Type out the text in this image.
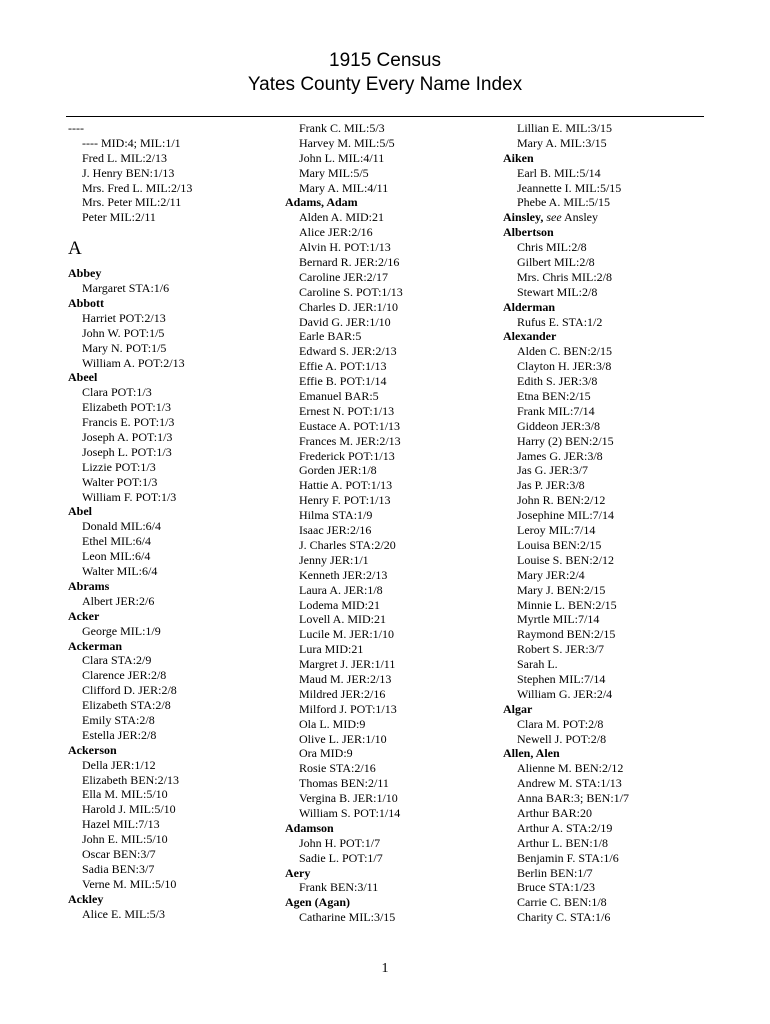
1915 Census
Yates County Every Name Index
----
---- MID:4; MIL:1/1
Fred L. MIL:2/13
J. Henry BEN:1/13
Mrs. Fred L. MIL:2/13
Mrs. Peter MIL:2/11
Peter MIL:2/11
A
Abbey
Margaret STA:1/6
Abbott
Harriet POT:2/13
John W. POT:1/5
Mary N. POT:1/5
William A. POT:2/13
Abeel
Clara POT:1/3
Elizabeth POT:1/3
Francis E. POT:1/3
Joseph A. POT:1/3
Joseph L. POT:1/3
Lizzie POT:1/3
Walter POT:1/3
William F. POT:1/3
Abel
Donald MIL:6/4
Ethel MIL:6/4
Leon MIL:6/4
Walter MIL:6/4
Abrams
Albert JER:2/6
Acker
George MIL:1/9
Ackerman
Clara STA:2/9
Clarence JER:2/8
Clifford D. JER:2/8
Elizabeth STA:2/8
Emily STA:2/8
Estella JER:2/8
Ackerson
Della JER:1/12
Elizabeth BEN:2/13
Ella M. MIL:5/10
Harold J. MIL:5/10
Hazel MIL:7/13
John E. MIL:5/10
Oscar BEN:3/7
Sadia BEN:3/7
Verne M. MIL:5/10
Ackley
Alice E. MIL:5/3
Frank C. MIL:5/3
Harvey M. MIL:5/5
John L. MIL:4/11
Mary MIL:5/5
Mary A. MIL:4/11
Adams, Adam
Alden A. MID:21
Alice JER:2/16
Alvin H. POT:1/13
Bernard R. JER:2/16
Caroline JER:2/17
Caroline S. POT:1/13
Charles D. JER:1/10
David G. JER:1/10
Earle BAR:5
Edward S. JER:2/13
Effie A. POT:1/13
Effie B. POT:1/14
Emanuel BAR:5
Ernest N. POT:1/13
Eustace A. POT:1/13
Frances M. JER:2/13
Frederick POT:1/13
Gorden JER:1/8
Hattie A. POT:1/13
Henry F. POT:1/13
Hilma STA:1/9
Isaac JER:2/16
J. Charles STA:2/20
Jenny JER:1/1
Kenneth JER:2/13
Laura A. JER:1/8
Lodema MID:21
Lovell A. MID:21
Lucile M. JER:1/10
Lura MID:21
Margret J. JER:1/11
Maud M. JER:2/13
Mildred JER:2/16
Milford J. POT:1/13
Ola L. MID:9
Olive L. JER:1/10
Ora MID:9
Rosie STA:2/16
Thomas BEN:2/11
Vergina B. JER:1/10
William S. POT:1/14
Adamson
John H. POT:1/7
Sadie L. POT:1/7
Aery
Frank BEN:3/11
Agen (Agan)
Catharine MIL:3/15
Lillian E. MIL:3/15
Mary A. MIL:3/15
Aiken
Earl B. MIL:5/14
Jeannette I. MIL:5/15
Phebe A. MIL:5/15
Ainsley, see Ansley
Albertson
Chris MIL:2/8
Gilbert MIL:2/8
Mrs. Chris MIL:2/8
Stewart MIL:2/8
Alderman
Rufus E. STA:1/2
Alexander
Alden C. BEN:2/15
Clayton H. JER:3/8
Edith S. JER:3/8
Etna BEN:2/15
Frank MIL:7/14
Giddeon JER:3/8
Harry (2) BEN:2/15
James G. JER:3/8
Jas G. JER:3/7
Jas P. JER:3/8
John R. BEN:2/12
Josephine MIL:7/14
Leroy MIL:7/14
Louisa BEN:2/15
Louise S. BEN:2/12
Mary JER:2/4
Mary J. BEN:2/15
Minnie L. BEN:2/15
Myrtle MIL:7/14
Raymond BEN:2/15
Robert S. JER:3/7
Sarah L.
Stephen MIL:7/14
William G. JER:2/4
Algar
Clara M. POT:2/8
Newell J. POT:2/8
Allen, Alen
Alienne M. BEN:2/12
Andrew M. STA:1/13
Anna BAR:3; BEN:1/7
Arthur BAR:20
Arthur A. STA:2/19
Arthur L. BEN:1/8
Benjamin F. STA:1/6
Berlin BEN:1/7
Bruce STA:1/23
Carrie C. BEN:1/8
Charity C. STA:1/6
1
